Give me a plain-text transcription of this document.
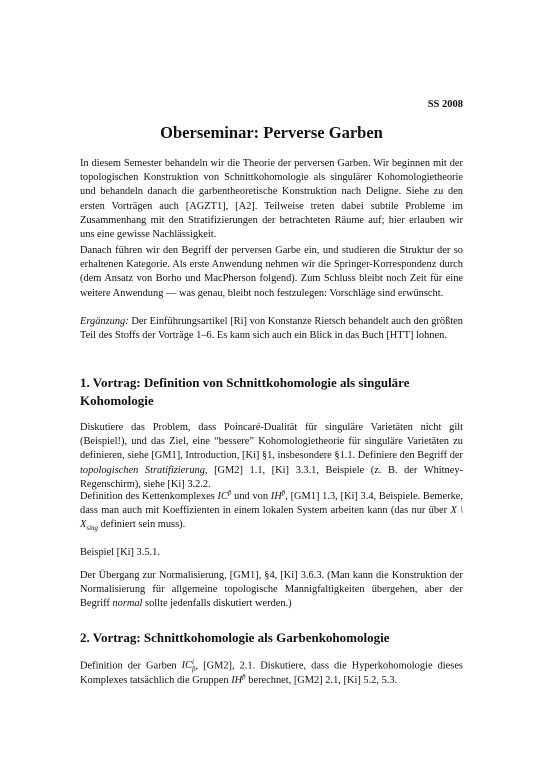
SS 2008
Oberseminar: Perverse Garben

In diesem Semester behandeln wir die Theorie der perversen Garben. Wir beginnen mit der topologischen Konstruktion von Schnittkohomologie als singulärer Kohomologietheorie und behandeln danach die garbentheoretische Konstruktion nach Deligne. Siehe zu den ersten Vorträgen auch [AGZT1], [A2]. Teilweise treten dabei subtile Probleme im Zusammenhang mit den Stratifizierungen der betrachteten Räume auf; hier erlauben wir uns eine gewisse Nachlässigkeit.

Danach führen wir den Begriff der perversen Garbe ein, und studieren die Struktur der so erhaltenen Kategorie. Als erste Anwendung nehmen wir die Springer-Korrespondenz durch (dem Ansatz von Borho und MacPherson folgend). Zum Schluss bleibt noch Zeit für eine weitere Anwendung — was genau, bleibt noch festzulegen: Vorschläge sind erwünscht.

Ergänzung: Der Einführungsartikel [Ri] von Konstanze Rietsch behandelt auch den größten Teil des Stoffs der Vorträge 1–6. Es kann sich auch ein Blick in das Buch [HTT] lohnen.

1. Vortrag: Definition von Schnittkohomologie als singuläre Kohomologie

Diskutiere das Problem, dass Poincaré-Dualität für singuläre Varietäten nicht gilt (Beispiel!), und das Ziel, eine “bessere” Kohomologietheorie für singuläre Varietäten zu definieren, siehe [GM1], Introduction, [Ki] §1, insbesondere §1.1. Definiere den Begriff der topologischen Stratifizierung, [GM2] 1.1, [Ki] 3.3.1, Beispiele (z. B. der Whitney-Regenschirm), siehe [Ki] 3.2.2.

Definition des Kettenkomplexes $IC^{p̄}$ und von $IH^{p̄}$, [GM1] 1.3, [Ki] 3.4, Beispiele. Bemerke, dass man auch mit Koeffizienten in einem lokalen System arbeiten kann (das nur über X \ $X_{sing}$ definiert sein muss).

Beispiel [Ki] 3.5.1.

Der Übergang zur Normalisierung, [GM1], §4, [Ki] 3.6.3. (Man kann die Konstruktion der Normalisierung für allgemeine topologische Mannigfaltigkeiten übergehen, aber der Begriff normal sollte jedenfalls diskutiert werden.)

2. Vortrag: Schnittkohomologie als Garbenkohomologie

Definition der Garben IC i
p̄ , [GM2], 2.1. Diskutiere, dass die Hyperkohomologie dieses Komplexes tatsächlich die Gruppen $IH^{p̄}$ berechnet, [GM2] 2.1, [Ki] 5.2, 5.3.
